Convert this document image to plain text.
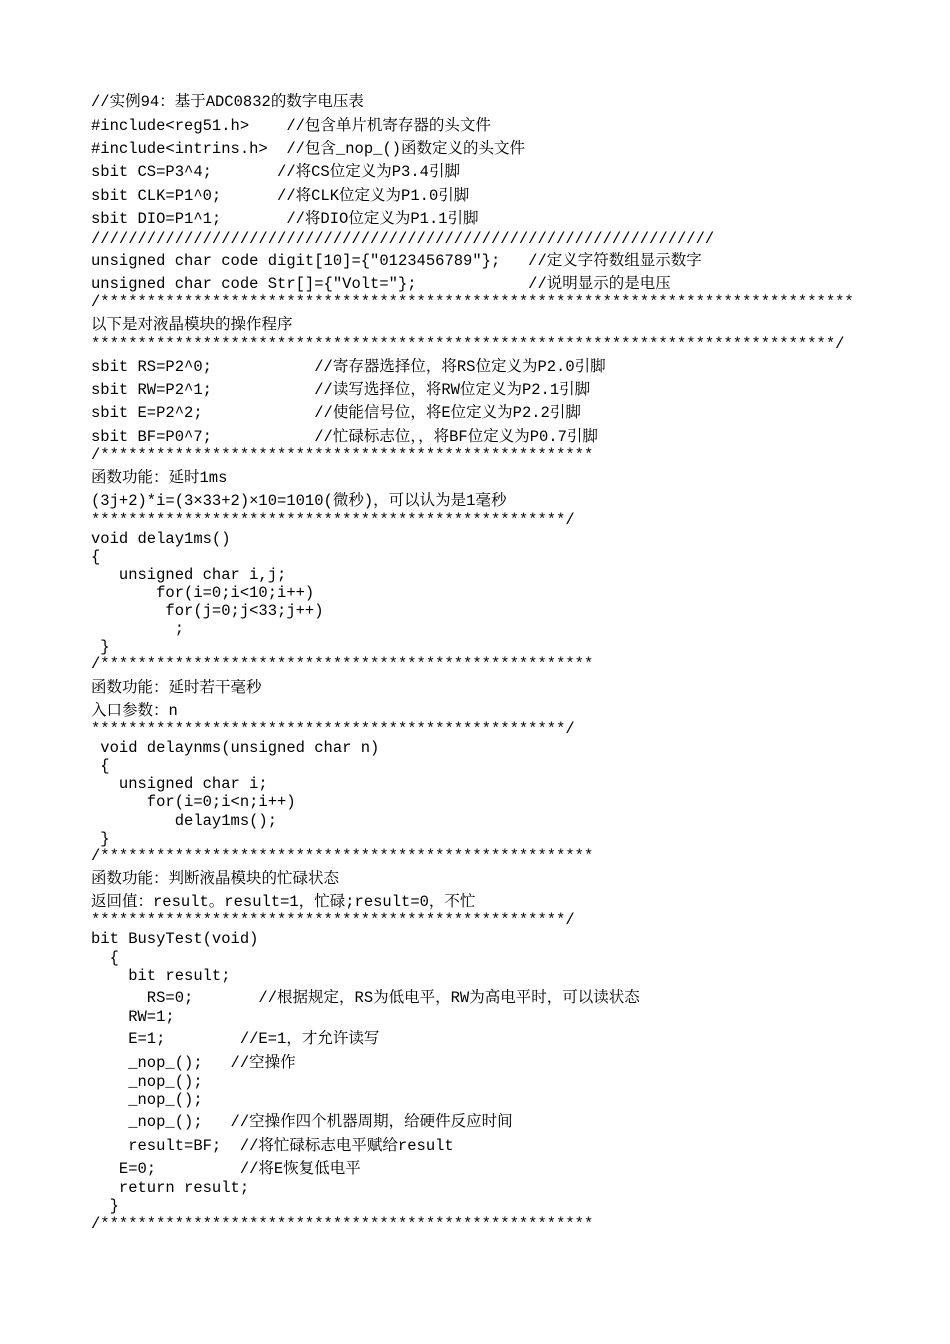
//实例94：基于ADC0832的数字电压表
#include<reg51.h>    //包含单片机寄存器的头文件
#include<intrins.h>  //包含_nop_()函数定义的头文件
sbit CS=P3^4;       //将CS位定义为P3.4引脚
sbit CLK=P1^0;      //将CLK位定义为P1.0引脚
sbit DIO=P1^1;       //将DIO位定义为P1.1引脚
///////////////////////////////////////////////////////////////////
unsigned char code digit[10]={"0123456789"};   //定义字符数组显示数字
unsigned char code Str[]={"Volt="};            //说明显示的是电压
/*********************************************************************************
以下是对液晶模块的操作程序
********************************************************************************/
sbit RS=P2^0;           //寄存器选择位，将RS位定义为P2.0引脚
sbit RW=P2^1;           //读写选择位，将RW位定义为P2.1引脚
sbit E=P2^2;            //使能信号位，将E位定义为P2.2引脚
sbit BF=P0^7;           //忙碌标志位，，将BF位定义为P0.7引脚
/*****************************************************
函数功能：延时1ms
(3j+2)*i=(3×33+2)×10=1010(微秒)，可以认为是1毫秒
***************************************************/
void delay1ms()
{
unsigned char i,j;
for(i=0;i<10;i++)
for(j=0;j<33;j++)
;
}
/*****************************************************
函数功能：延时若干毫秒
入口参数：n
***************************************************/
void delaynms(unsigned char n)
{
unsigned char i;
for(i=0;i<n;i++)
delay1ms();
}
/*****************************************************
函数功能：判断液晶模块的忙碌状态
返回值：result。result=1，忙碌;result=0，不忙
***************************************************/
bit BusyTest(void)
{
bit result;
RS=0;       //根据规定，RS为低电平，RW为高电平时，可以读状态
RW=1;
E=1;        //E=1，才允许读写
_nop_();   //空操作
_nop_();
_nop_();
_nop_();   //空操作四个机器周期，给硬件反应时间
result=BF;  //将忙碌标志电平赋给result
E=0;         //将E恢复低电平
return result;
}
/*****************************************************
